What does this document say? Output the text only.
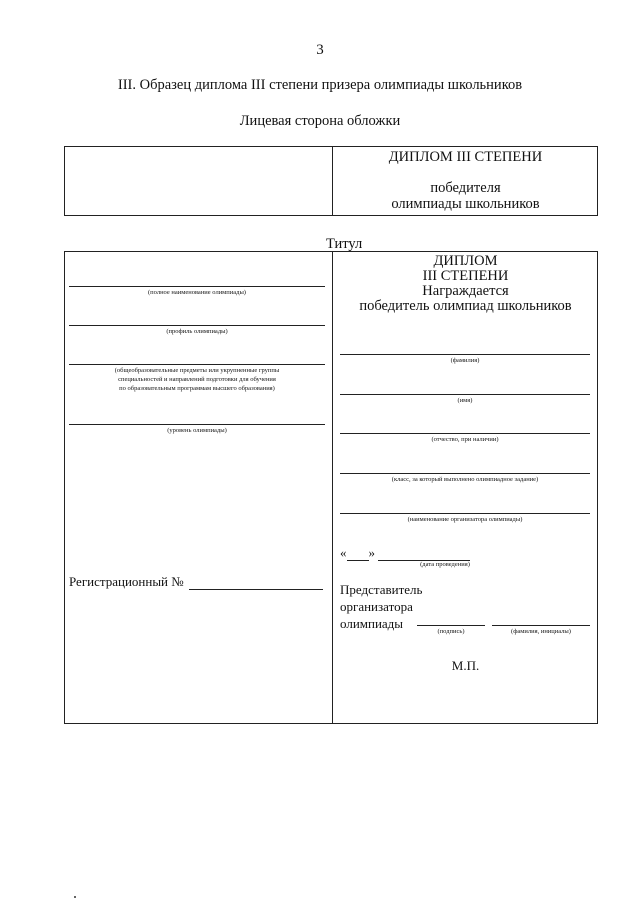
3
III. Образец диплома III степени призера олимпиады школьников
Лицевая сторона обложки
ДИПЛОМ III СТЕПЕНИ
победителя
олимпиады школьников
Титул
(полное наименование олимпиады)
(профиль олимпиады)
(общеобразовательные предметы или укрупненные группы
специальностей и направлений подготовки для обучения
по образовательным программам высшего образования)
(уровень олимпиады)
Регистрационный №
ДИПЛОМ
III СТЕПЕНИ
Награждается
победитель олимпиад школьников
(фамилия)
(имя)
(отчество, при наличии)
(класс, за который выполнено олимпиадное задание)
(наименование организатора олимпиады)
« »
(дата проведения)
Представитель
организатора
олимпиады
(подпись)	(фамилия, инициалы)
М.П.
